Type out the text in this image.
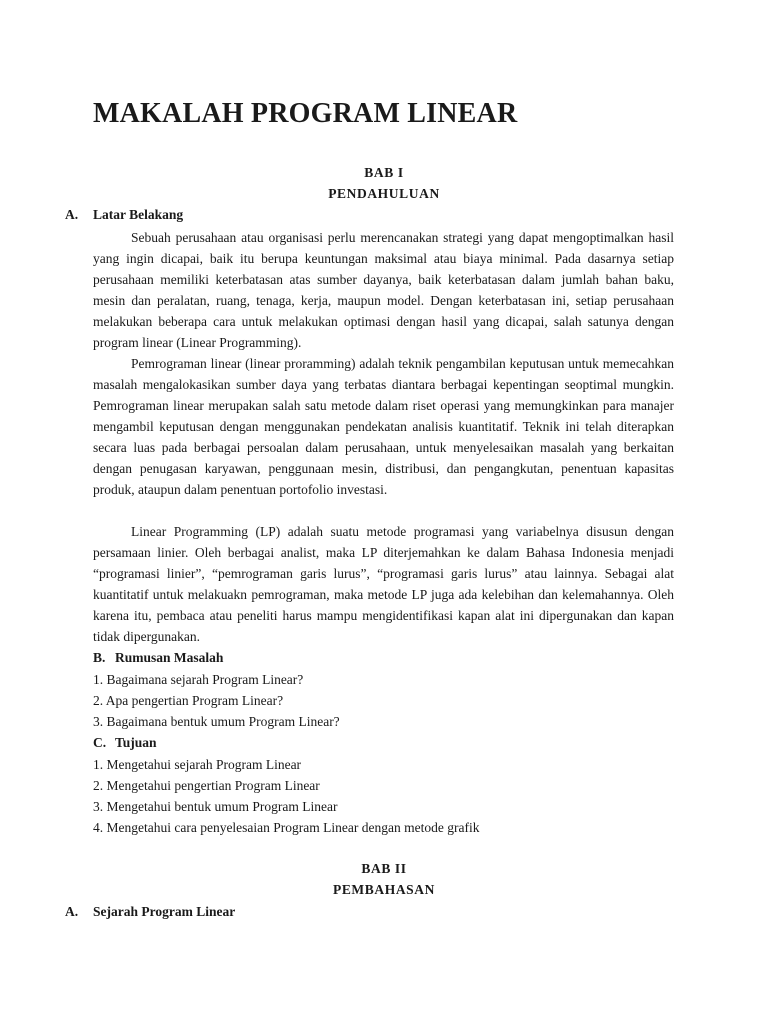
MAKALAH PROGRAM LINEAR
BAB I
PENDAHULUAN
A. Latar Belakang

Sebuah perusahaan atau organisasi perlu merencanakan strategi yang dapat mengoptimalkan hasil yang ingin dicapai, baik itu berupa keuntungan maksimal atau biaya minimal. Pada dasarnya setiap perusahaan memiliki keterbatasan atas sumber dayanya, baik keterbatasan dalam jumlah bahan baku, mesin dan peralatan, ruang, tenaga, kerja, maupun model. Dengan keterbatasan ini, setiap perusahaan melakukan beberapa cara untuk melakukan optimasi dengan hasil yang dicapai, salah satunya dengan program linear (Linear Programming).

Pemrograman linear (linear proramming) adalah teknik pengambilan keputusan untuk memecahkan masalah mengalokasikan sumber daya yang terbatas diantara berbagai kepentingan seoptimal mungkin. Pemrograman linear merupakan salah satu metode dalam riset operasi yang memungkinkan para manajer mengambil keputusan dengan menggunakan pendekatan analisis kuantitatif. Teknik ini telah diterapkan secara luas pada berbagai persoalan dalam perusahaan, untuk menyelesaikan masalah yang berkaitan dengan penugasan karyawan, penggunaan mesin, distribusi, dan pengangkutan, penentuan kapasitas produk, ataupun dalam penentuan portofolio investasi.

Linear Programming (LP) adalah suatu metode programasi yang variabelnya disusun dengan persamaan linier. Oleh berbagai analist, maka LP diterjemahkan ke dalam Bahasa Indonesia menjadi “programasi linier”, “pemrograman garis lurus”, “programasi garis lurus” atau lainnya. Sebagai alat kuantitatif untuk melakuakn pemrograman, maka metode LP juga ada kelebihan dan kelemahannya. Oleh karena itu, pembaca atau peneliti harus mampu mengidentifikasi kapan alat ini dipergunakan dan kapan tidak dipergunakan.

B. Rumusan Masalah
1. Bagaimana sejarah Program Linear?
2. Apa pengertian Program Linear?
3. Bagaimana bentuk umum Program Linear?
C. Tujuan
1. Mengetahui sejarah Program Linear
2. Mengetahui pengertian Program Linear
3. Mengetahui bentuk umum Program Linear
4. Mengetahui cara penyelesaian Program Linear dengan metode grafik
BAB II
PEMBAHASAN
A. Sejarah Program Linear
